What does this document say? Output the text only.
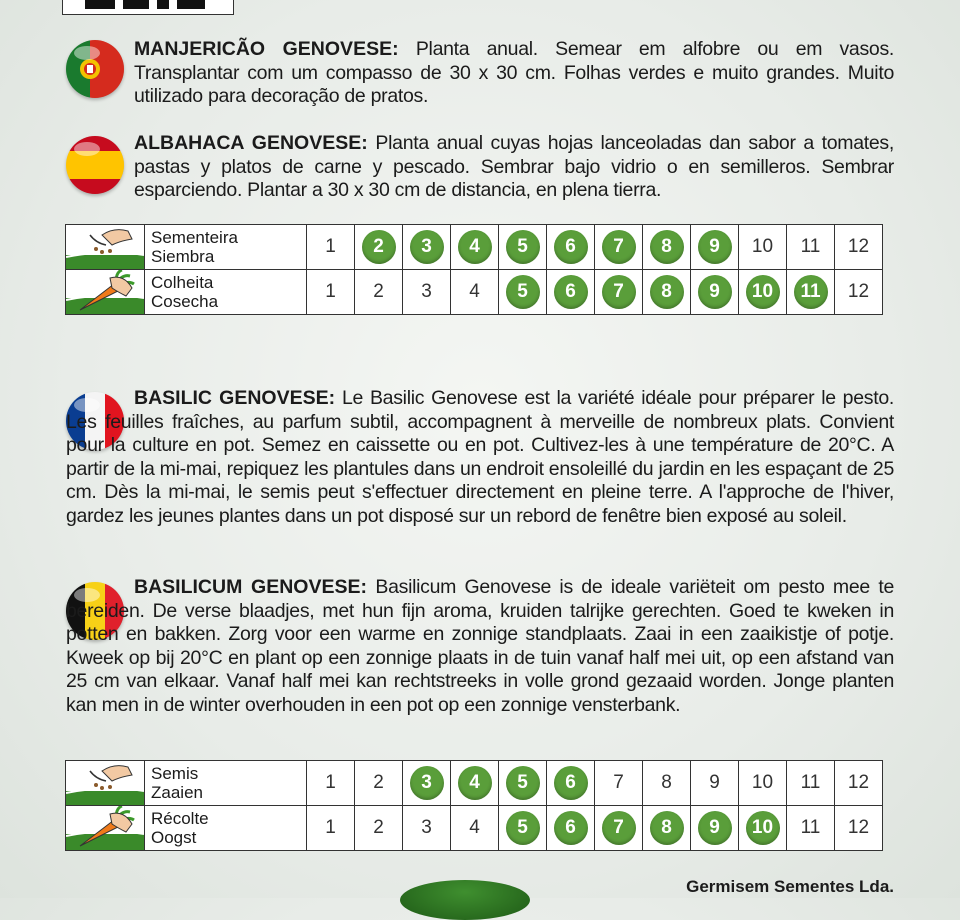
MANJERICÃO GENOVESE: Planta anual. Semear em alfobre ou em vasos. Transplantar com um compasso de 30 x 30 cm. Folhas verdes e muito grandes. Muito utilizado para decoração de pratos.
ALBAHACA GENOVESE: Planta anual cuyas hojas lanceoladas dan sabor a tomates, pastas y platos de carne y pescado. Sembrar bajo vidrio o en semilleros. Sembrar esparciendo. Plantar a 30 x 30 cm de distancia, en plena tierra.

Sementeira
Siembra	1	2	3	4	5	6	7	8	9	10	11	12

Colheita
Cosecha	1	2	3	4	5	6	7	8	9	10	11	12
BASILIC GENOVESE: Le Basilic Genovese est la variété idéale pour préparer le pesto. Les feuilles fraîches, au parfum subtil, accompagnent à merveille de nombreux plats. Convient pour la culture en pot. Semez en caissette ou en pot. Cultivez-les à une température de 20°C. A partir de la mi-mai, repiquez les plantules dans un endroit ensoleillé du jardin en les espaçant de 25 cm. Dès la mi-mai, le semis peut s'effectuer directement en pleine terre. A l'approche de l'hiver, gardez les jeunes plantes dans un pot disposé sur un rebord de fenêtre bien exposé au soleil.
BASILICUM GENOVESE: Basilicum Genovese is de ideale variëteit om pesto mee te bereiden. De verse blaadjes, met hun fijn aroma, kruiden talrijke gerechten. Goed te kweken in potten en bakken. Zorg voor een warme en zonnige standplaats. Zaai in een zaaikistje of potje. Kweek op bij 20°C en plant op een zonnige plaats in de tuin vanaf half mei uit, op een afstand van 25 cm van elkaar. Vanaf half mei kan rechtstreeks in volle grond gezaaid worden. Jonge planten kan men in de winter overhouden in een pot op een zonnige vensterbank.

Semis
Zaaien	1	2	3	4	5	6	7	8	9	10	11	12

Récolte
Oogst	1	2	3	4	5	6	7	8	9	10	11	12
Germisem Sementes Lda.
